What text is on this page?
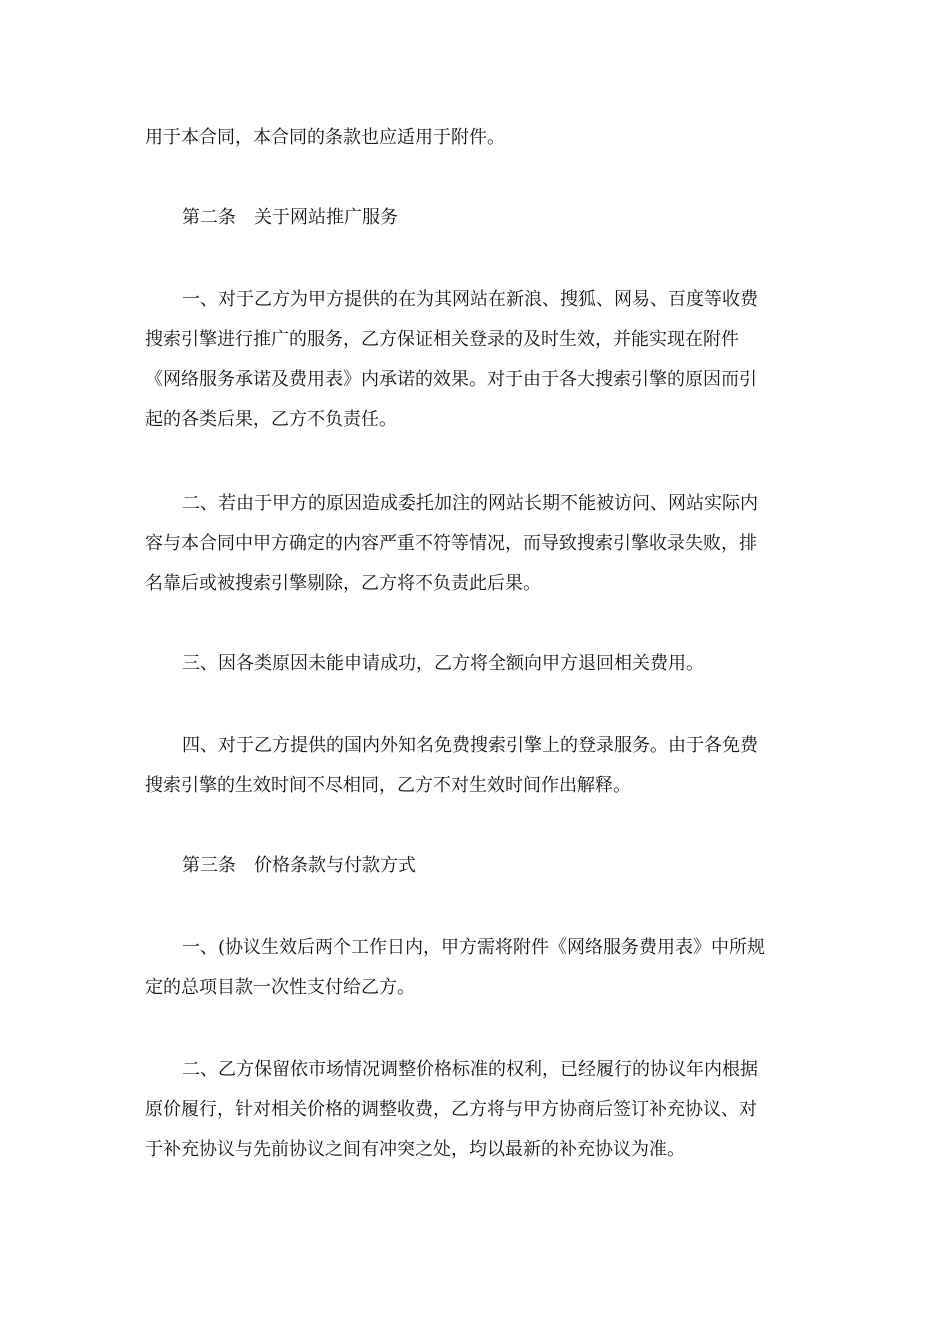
用于本合同，本合同的条款也应适用于附件。

第二条　关于网站推广服务

一、对于乙方为甲方提供的在为其网站在新浪、搜狐、网易、百度等收费

搜索引擎进行推广的服务，乙方保证相关登录的及时生效，并能实现在附件

《网络服务承诺及费用表》内承诺的效果。对于由于各大搜索引擎的原因而引

起的各类后果，乙方不负责任。

二、若由于甲方的原因造成委托加注的网站长期不能被访问、网站实际内

容与本合同中甲方确定的内容严重不符等情况，而导致搜索引擎收录失败，排

名靠后或被搜索引擎剔除，乙方将不负责此后果。

三、因各类原因未能申请成功，乙方将全额向甲方退回相关费用。

四、对于乙方提供的国内外知名免费搜索引擎上的登录服务。由于各免费

搜索引擎的生效时间不尽相同，乙方不对生效时间作出解释。

第三条　价格条款与付款方式

一、(协议生效后两个工作日内，甲方需将附件《网络服务费用表》中所规

定的总项目款一次性支付给乙方。

二、乙方保留依市场情况调整价格标准的权利，已经履行的协议年内根据

原价履行，针对相关价格的调整收费，乙方将与甲方协商后签订补充协议、对

于补充协议与先前协议之间有冲突之处，均以最新的补充协议为准。
